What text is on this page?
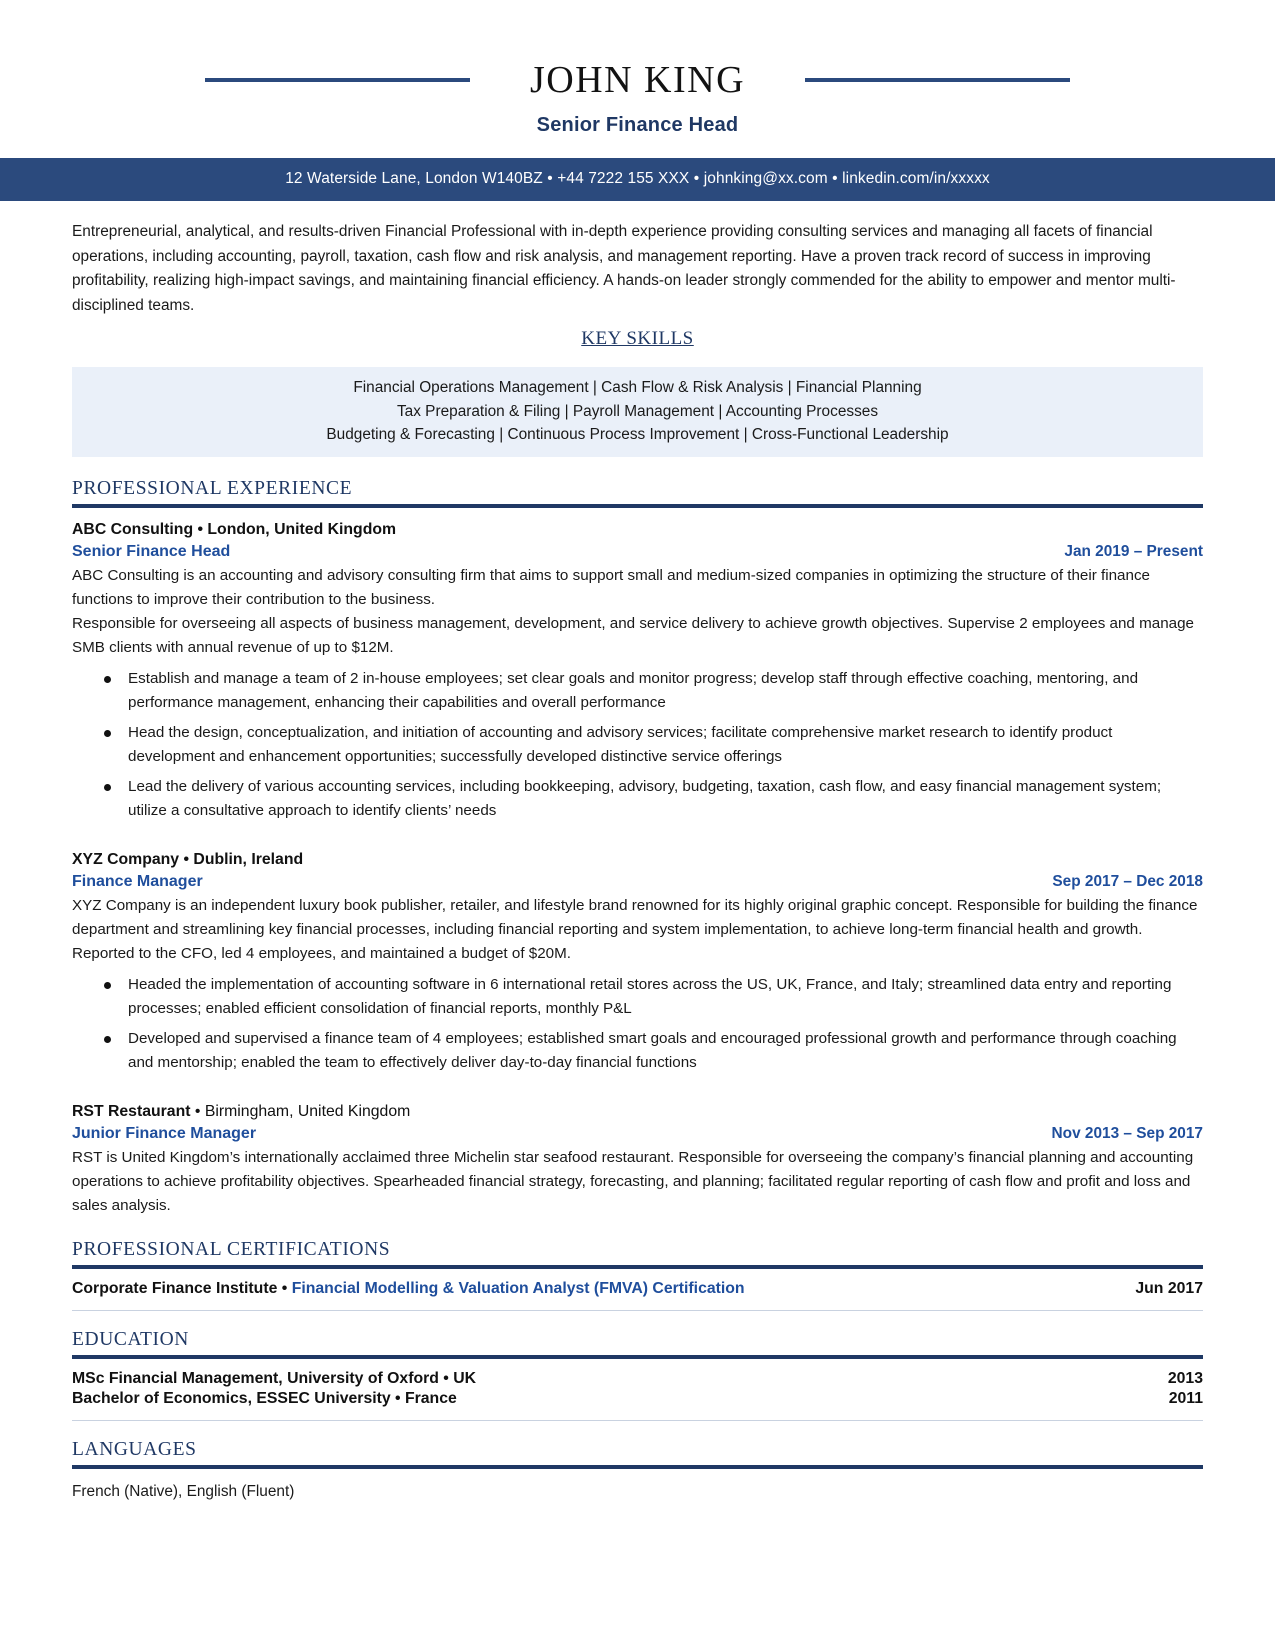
JOHN KING
Senior Finance Head
12 Waterside Lane, London W140BZ • +44 7222 155 XXX • johnking@xx.com • linkedin.com/in/xxxxx
Entrepreneurial, analytical, and results-driven Financial Professional with in-depth experience providing consulting services and managing all facets of financial operations, including accounting, payroll, taxation, cash flow and risk analysis, and management reporting. Have a proven track record of success in improving profitability, realizing high-impact savings, and maintaining financial efficiency. A hands-on leader strongly commended for the ability to empower and mentor multi-disciplined teams.
KEY SKILLS
Financial Operations Management | Cash Flow & Risk Analysis | Financial Planning
Tax Preparation & Filing | Payroll Management | Accounting Processes
Budgeting & Forecasting | Continuous Process Improvement | Cross-Functional Leadership
PROFESSIONAL EXPERIENCE
ABC Consulting • London, United Kingdom
Senior Finance Head	Jan 2019 – Present
ABC Consulting is an accounting and advisory consulting firm that aims to support small and medium-sized companies in optimizing the structure of their finance functions to improve their contribution to the business.
Responsible for overseeing all aspects of business management, development, and service delivery to achieve growth objectives. Supervise 2 employees and manage SMB clients with annual revenue of up to $12M.
Establish and manage a team of 2 in-house employees; set clear goals and monitor progress; develop staff through effective coaching, mentoring, and performance management, enhancing their capabilities and overall performance
Head the design, conceptualization, and initiation of accounting and advisory services; facilitate comprehensive market research to identify product development and enhancement opportunities; successfully developed distinctive service offerings
Lead the delivery of various accounting services, including bookkeeping, advisory, budgeting, taxation, cash flow, and easy financial management system; utilize a consultative approach to identify clients’ needs
XYZ Company • Dublin, Ireland
Finance Manager	Sep 2017 – Dec 2018
XYZ Company is an independent luxury book publisher, retailer, and lifestyle brand renowned for its highly original graphic concept. Responsible for building the finance department and streamlining key financial processes, including financial reporting and system implementation, to achieve long-term financial health and growth. Reported to the CFO, led 4 employees, and maintained a budget of $20M.
Headed the implementation of accounting software in 6 international retail stores across the US, UK, France, and Italy; streamlined data entry and reporting processes; enabled efficient consolidation of financial reports, monthly P&L
Developed and supervised a finance team of 4 employees; established smart goals and encouraged professional growth and performance through coaching and mentorship; enabled the team to effectively deliver day-to-day financial functions
RST Restaurant • Birmingham, United Kingdom
Junior Finance Manager	Nov 2013 – Sep 2017
RST is United Kingdom’s internationally acclaimed three Michelin star seafood restaurant. Responsible for overseeing the company’s financial planning and accounting operations to achieve profitability objectives. Spearheaded financial strategy, forecasting, and planning; facilitated regular reporting of cash flow and profit and loss and sales analysis.
PROFESSIONAL CERTIFICATIONS
Corporate Finance Institute • Financial Modelling & Valuation Analyst (FMVA) Certification	Jun 2017
EDUCATION
MSc Financial Management, University of Oxford • UK	2013
Bachelor of Economics, ESSEC University • France	2011
LANGUAGES
French (Native), English (Fluent)
